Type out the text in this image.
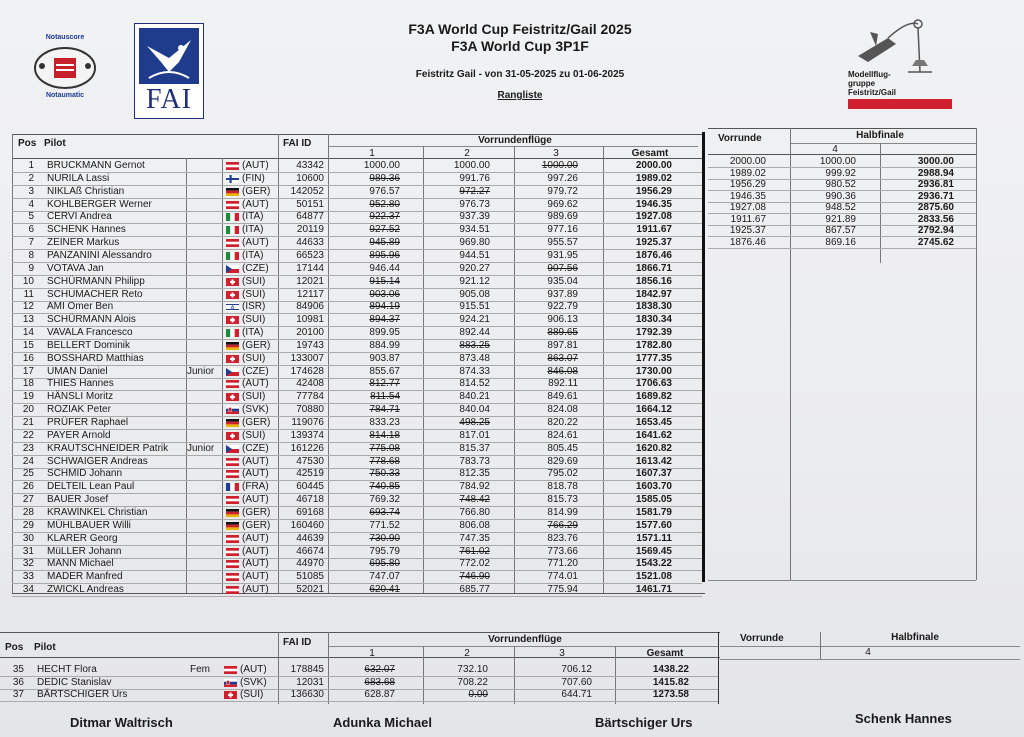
Notauscore
Notaumatic	FAI
F3A World Cup Feistritz/Gail 2025
F3A World Cup 3P1F
Feistritz Gail - von 31-05-2025 zu 01-06-2025
Rangliste
Modellflug-
gruppe
Feistritz/Gail
Pos Pilot	FAI ID	Vorrundenflüge
1	2	3	Gesamt
1 BRUCKMANN Gernot	(AUT)	43342	1000.00	1000.00	1000.00	2000.00
2 NURILA Lassi	(FIN)	10600	989.36	991.76	997.26	1989.02
3 NIKLAß Christian	(GER)	142052	976.57	972.27	979.72	1956.29
4 KOHLBERGER Werner	(AUT)	50151	952.80	976.73	969.62	1946.35
5 CERVI Andrea	(ITA)	64877	922.37	937.39	989.69	1927.08
6 SCHENK Hannes	(ITA)	20119	927.52	934.51	977.16	1911.67
7 ZEINER Markus	(AUT)	44633	945.89	969.80	955.57	1925.37
8 PANZANINI Alessandro	(ITA)	66523	895.96	944.51	931.95	1876.46
9 VOTAVA Jan	(CZE)	17144	946.44	920.27	907.56	1866.71
10 SCHÜRMANN Philipp	(SUI)	12021	915.14	921.12	935.04	1856.16
11 SCHUMACHER Reto	(SUI)	12117	903.06	905.08	937.89	1842.97
12 AMI Omer Ben	(ISR)	84906	894.19	915.51	922.79	1838.30
13 SCHÜRMANN Alois	(SUI)	10981	894.37	924.21	906.13	1830.34
14 VAVALA Francesco	(ITA)	20100	899.95	892.44	889.65	1792.39
15 BELLERT Dominik	(GER)	19743	884.99	883.25	897.81	1782.80
16 BOSSHARD Matthias	(SUI)	133007	903.87	873.48	863.07	1777.35
17 UMAN Daniel	Junior	(CZE)	174628	855.67	874.33	846.08	1730.00
18 THIES Hannes	(AUT)	42408	812.77	814.52	892.11	1706.63
19 HÄNSLI Moritz	(SUI)	77784	811.54	840.21	849.61	1689.82
20 ROZIAK Peter	(SVK)	70880	784.71	840.04	824.08	1664.12
21 PRÜFER Raphael	(GER)	119076	833.23	498.25	820.22	1653.45
22 PAYER Arnold	(SUI)	139374	814.18	817.01	824.61	1641.62
23 KRAUTSCHNEIDER Patrik Junior	(CZE)	161226	775.08	815.37	805.45	1620.82
24 SCHWAIGER Andreas	(AUT)	47530	778.68	783.73	829.69	1613.42
25 SCHMID Johann	(AUT)	42519	750.33	812.35	795.02	1607.37
26 DELTEIL Lean Paul	(FRA)	60445	740.85	784.92	818.78	1603.70
27 BAUER Josef	(AUT)	46718	769.32	748.42	815.73	1585.05
28 KRAWINKEL Christian	(GER)	69168	693.74	766.80	814.99	1581.79
29 MÜHLBAUER Willi	(GER)	160460	771.52	806.08	766.29	1577.60
30 KLARER Georg	(AUT)	44639	730.90	747.35	823.76	1571.11
31 MüLLER Johann	(AUT)	46674	795.79	761.02	773.66	1569.45
32 MANN Michael	(AUT)	44970	695.80	772.02	771.20	1543.22
33 MADER Manfred	(AUT)	51085	747.07	746.90	774.01	1521.08
34 ZWICKL Andreas	(AUT)	52021	620.41	685.77	775.94	1461.71
Vorrunde	Halbfinale
4
2000.00	1000.00	3000.00
1989.02	999.92	2988.94
1956.29	980.52	2936.81
1946.35	990.36	2936.71
1927.08	948.52	2875.60
1911.67	921.89	2833.56
1925.37	867.57	2792.94
1876.46	869.16	2745.62
Pos Pilot	FAI ID	Vorrundenflüge
1	2	3	Gesamt
Vorrunde	Halbfinale
4
35 HECHT Flora	Fem	(AUT)	178845	632.07	732.10	706.12	1438.22
36 DEDIC Stanislav	(SVK)	12031	683.68	708.22	707.60	1415.82
37 BÄRTSCHIGER Urs	(SUI)	136630	628.87	0.00	644.71	1273.58
Ditmar Waltrisch	Adunka Michael	Bärtschiger Urs	Schenk Hannes
